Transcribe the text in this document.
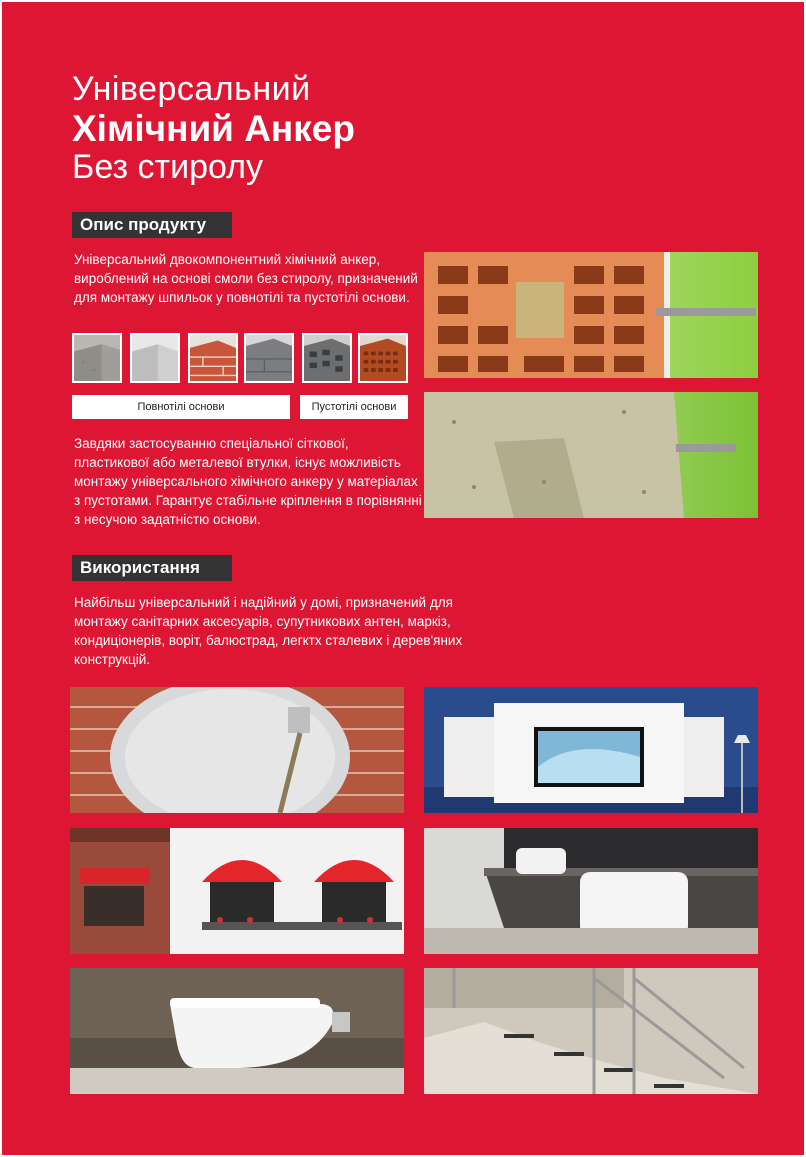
Універсальний
Хімічний Анкер
Без стиролу
Опис продукту

Універсальний двокомпонентний хімічний анкер, вироблений на основі смоли без стиролу, призначений для монтажу шпильок у повнотілі та пустотілі основи.

Повнотілі основи	Пустотілі основи

Завдяки застосуванню спеціальної сіткової, пластикової або металевої втулки, існує можливість монтажу універсального хімічного анкеру у матеріалах з пустотами. Гарантує стабільне кріплення в порівнянні з несучою задатністю основи.

Використання

Найбільш універсальний і надійний у домі, призначений для монтажу санітарних аксесуарів, супутникових антен, маркіз, кондиціонерів, воріт, балюстрад, легктх сталевих і дерев'яних конструкцій.
